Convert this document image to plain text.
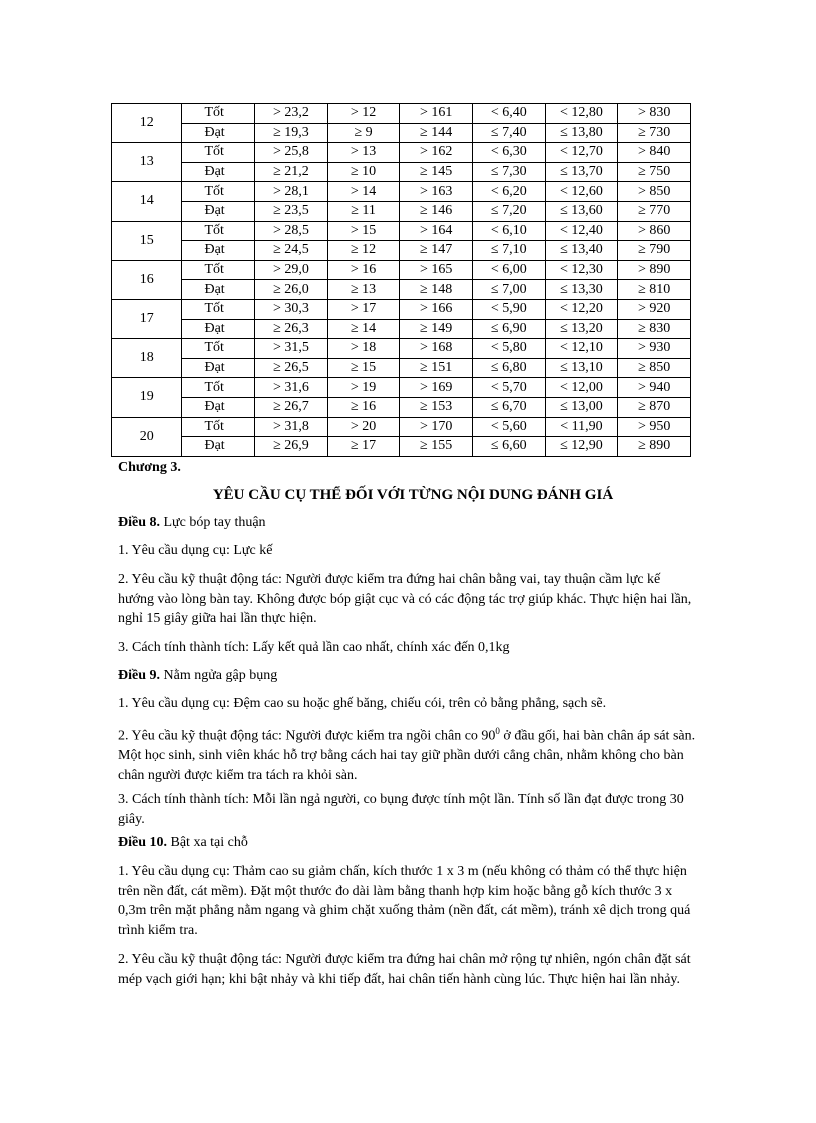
12	Tốt	> 23,2	> 12	> 161	< 6,40	< 12,80	> 830
	Đạt	≥ 19,3	≥ 9	≥ 144	≤ 7,40	≤ 13,80	≥ 730
13	Tốt	> 25,8	> 13	> 162	< 6,30	< 12,70	> 840
	Đạt	≥ 21,2	≥ 10	≥ 145	≤ 7,30	≤ 13,70	≥ 750
14	Tốt	> 28,1	> 14	> 163	< 6,20	< 12,60	> 850
	Đạt	≥ 23,5	≥ 11	≥ 146	≤ 7,20	≤ 13,60	≥ 770
15	Tốt	> 28,5	> 15	> 164	< 6,10	< 12,40	> 860
	Đạt	≥ 24,5	≥ 12	≥ 147	≤ 7,10	≤ 13,40	≥ 790
16	Tốt	> 29,0	> 16	> 165	< 6,00	< 12,30	> 890
	Đạt	≥ 26,0	≥ 13	≥ 148	≤ 7,00	≤ 13,30	≥ 810
17	Tốt	> 30,3	> 17	> 166	< 5,90	< 12,20	> 920
	Đạt	≥ 26,3	≥ 14	≥ 149	≤ 6,90	≤ 13,20	≥ 830
18	Tốt	> 31,5	> 18	> 168	< 5,80	< 12,10	> 930
	Đạt	≥ 26,5	≥ 15	≥ 151	≤ 6,80	≤ 13,10	≥ 850
19	Tốt	> 31,6	> 19	> 169	< 5,70	< 12,00	> 940
	Đạt	≥ 26,7	≥ 16	≥ 153	≤ 6,70	≤ 13,00	≥ 870
20	Tốt	> 31,8	> 20	> 170	< 5,60	< 11,90	> 950
	Đạt	≥ 26,9	≥ 17	≥ 155	≤ 6,60	≤ 12,90	≥ 890
Chương 3.
YÊU CẦU CỤ THỂ ĐỐI VỚI TỪNG NỘI DUNG ĐÁNH GIÁ
Điều 8. Lực bóp tay thuận
1. Yêu cầu dụng cụ: Lực kế
2. Yêu cầu kỹ thuật động tác: Người được kiểm tra đứng hai chân bằng vai, tay thuận cầm lực kế hướng vào lòng bàn tay. Không được bóp giật cục và có các động tác trợ giúp khác. Thực hiện hai lần, nghỉ 15 giây giữa hai lần thực hiện.
3. Cách tính thành tích: Lấy kết quả lần cao nhất, chính xác đến 0,1kg
Điều 9. Nằm ngửa gập bụng
1. Yêu cầu dụng cụ: Đệm cao su hoặc ghế băng, chiếu cói, trên cỏ bằng phẳng, sạch sẽ.
2. Yêu cầu kỹ thuật động tác: Người được kiểm tra ngồi chân co $90^0$ ở đầu gối, hai bàn chân áp sát sàn. Một học sinh, sinh viên khác hỗ trợ bằng cách hai tay giữ phần dưới cẳng chân, nhằm không cho bàn chân người được kiểm tra tách ra khỏi sàn.
3. Cách tính thành tích: Mỗi lần ngả người, co bụng được tính một lần. Tính số lần đạt được trong 30 giây.
Điều 10. Bật xa tại chỗ
1. Yêu cầu dụng cụ: Thảm cao su giảm chấn, kích thước 1 x 3 m (nếu không có thảm có thể thực hiện trên nền đất, cát mềm). Đặt một thước đo dài làm bằng thanh hợp kim hoặc bằng gỗ kích thước 3 x 0,3m trên mặt phẳng nằm ngang và ghim chặt xuống thảm (nền đất, cát mềm), tránh xê dịch trong quá trình kiểm tra.
2. Yêu cầu kỹ thuật động tác: Người được kiểm tra đứng hai chân mở rộng tự nhiên, ngón chân đặt sát mép vạch giới hạn; khi bật nhảy và khi tiếp đất, hai chân tiến hành cùng lúc. Thực hiện hai lần nhảy.
